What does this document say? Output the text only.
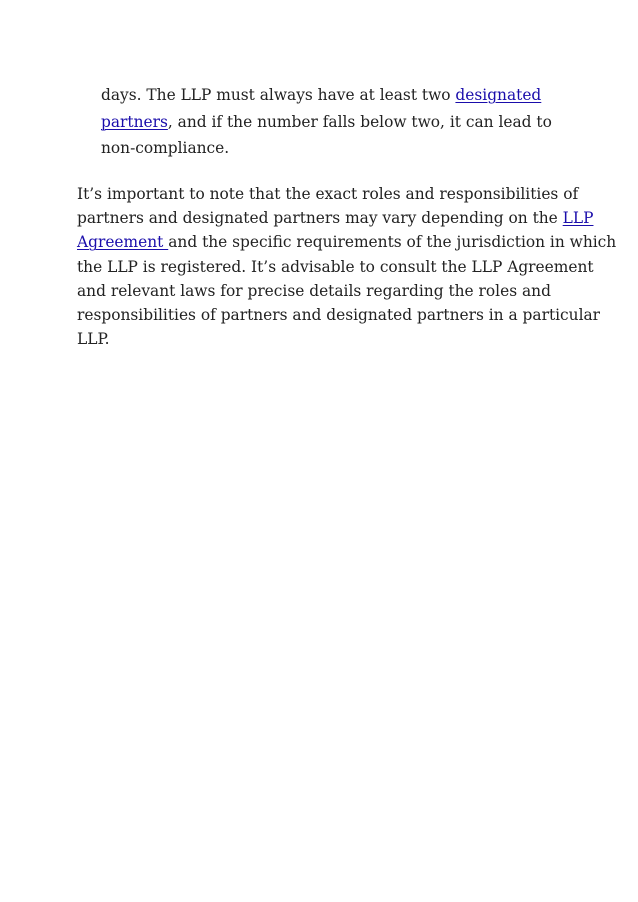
days. The LLP must always have at least two designated
partners, and if the number falls below two, it can lead to
non-compliance.
It’s important to note that the exact roles and responsibilities of
partners and designated partners may vary depending on the LLP
Agreement and the specific requirements of the jurisdiction in which
the LLP is registered. It’s advisable to consult the LLP Agreement
and relevant laws for precise details regarding the roles and
responsibilities of partners and designated partners in a particular
LLP.
